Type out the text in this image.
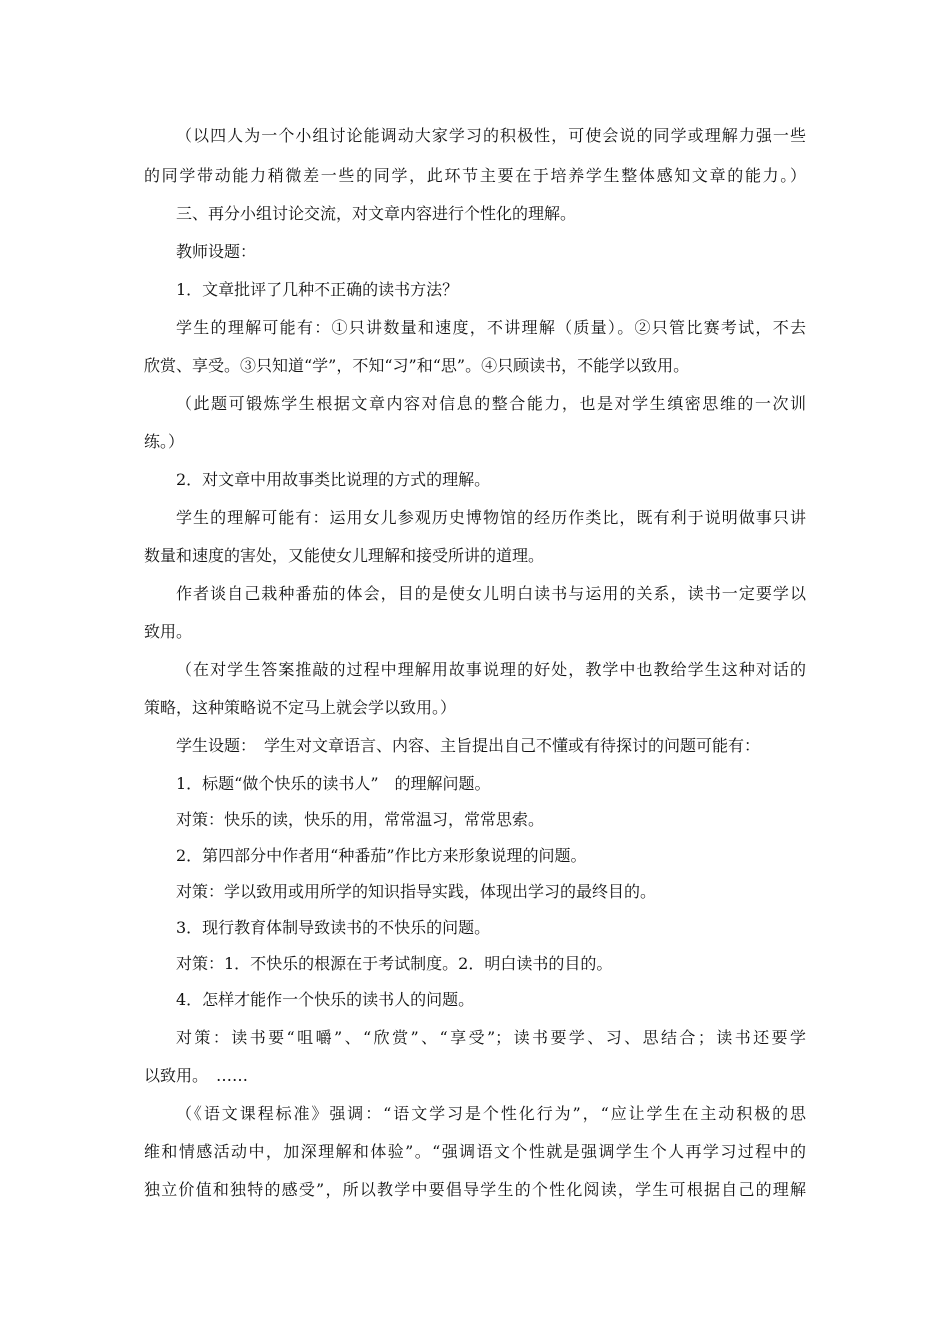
（以四人为一个小组讨论能调动大家学习的积极性，可使会说的同学或理解力强一些

的同学带动能力稍微差一些的同学，此环节主要在于培养学生整体感知文章的能力。）

三、再分小组讨论交流，对文章内容进行个性化的理解。

教师设题：

1．文章批评了几种不正确的读书方法？

学生的理解可能有：①只讲数量和速度，不讲理解（质量）。②只管比赛考试，不去

欣赏、享受。③只知道“学”，不知“习”和“思”。④只顾读书，不能学以致用。

（此题可锻炼学生根据文章内容对信息的整合能力，也是对学生缜密思维的一次训

练。）

2．对文章中用故事类比说理的方式的理解。

学生的理解可能有：运用女儿参观历史博物馆的经历作类比，既有利于说明做事只讲

数量和速度的害处，又能使女儿理解和接受所讲的道理。

作者谈自己栽种番茄的体会，目的是使女儿明白读书与运用的关系，读书一定要学以

致用。

（在对学生答案推敲的过程中理解用故事说理的好处，教学中也教给学生这种对话的

策略，这种策略说不定马上就会学以致用。）

学生设题：　学生对文章语言、内容、主旨提出自己不懂或有待探讨的问题可能有：

1．标题“做个快乐的读书人”　的理解问题。

对策：快乐的读，快乐的用，常常温习，常常思索。

2．第四部分中作者用“种番茄”作比方来形象说理的问题。

对策：学以致用或用所学的知识指导实践，体现出学习的最终目的。

3．现行教育体制导致读书的不快乐的问题。

对策：1．不快乐的根源在于考试制度。2．明白读书的目的。

4．怎样才能作一个快乐的读书人的问题。

对策：读书要“咀嚼”、“欣赏”、“享受”；读书要学、习、思结合；读书还要学

以致用。　……

（《语文课程标准》强调：“语文学习是个性化行为”，“应让学生在主动积极的思

维和情感活动中，加深理解和体验”。“强调语文个性就是强调学生个人再学习过程中的

独立价值和独特的感受”，所以教学中要倡导学生的个性化阅读，学生可根据自己的理解
